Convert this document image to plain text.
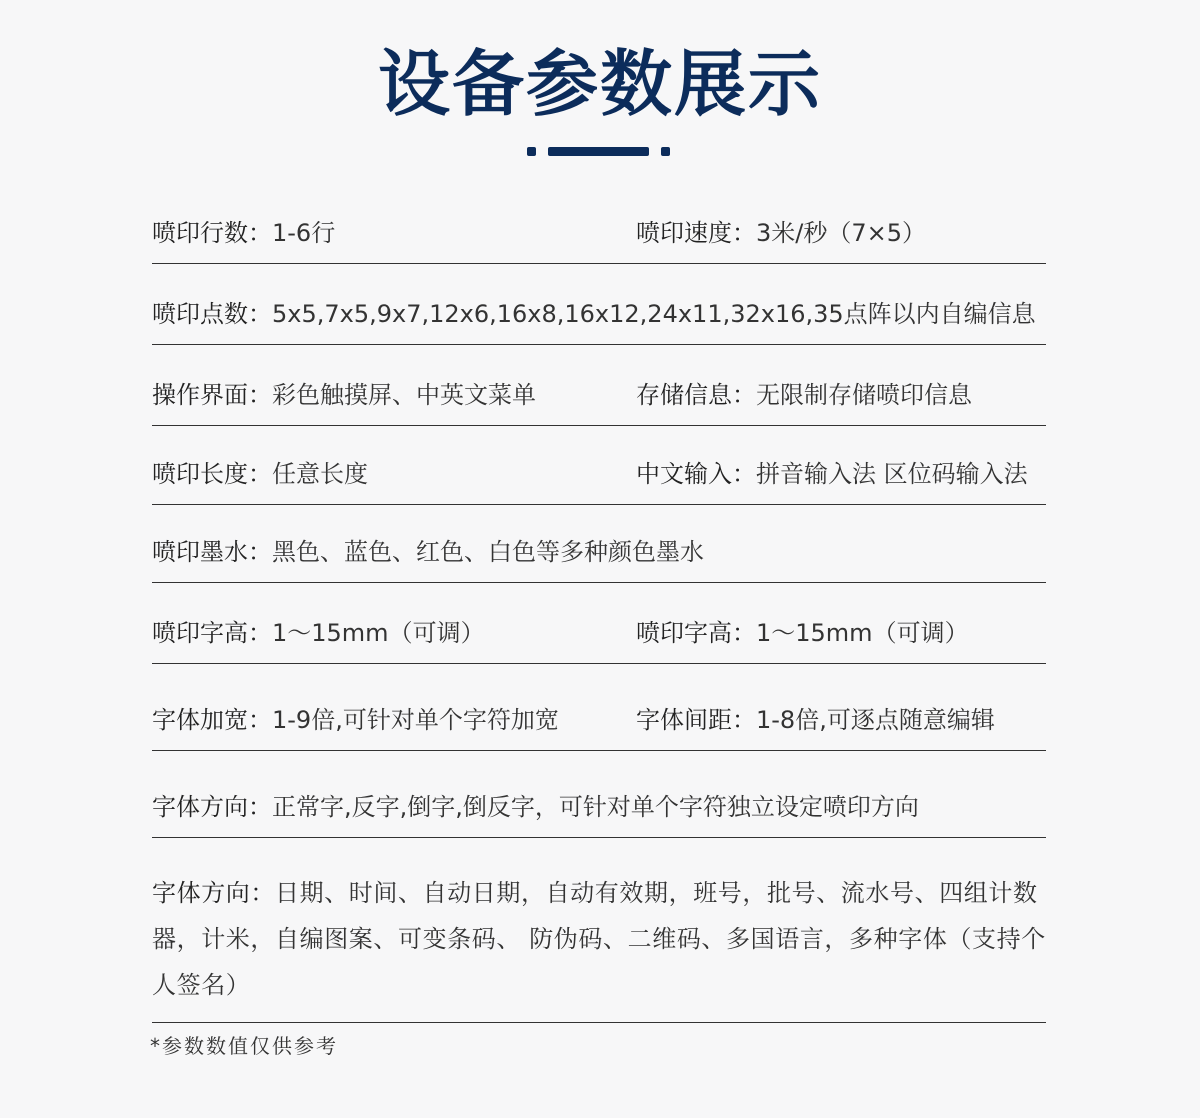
设备参数展示
喷印行数：1-6行	喷印速度：3米/秒（7×5）
喷印点数：5x5,7x5,9x7,12x6,16x8,16x12,24x11,32x16,35点阵以内自编信息
操作界面：彩色触摸屏、中英文菜单	存储信息：无限制存储喷印信息
喷印长度：任意长度	中文输入：拼音输入法 区位码输入法
喷印墨水：黑色、蓝色、红色、白色等多种颜色墨水
喷印字高：1～15mm（可调）	喷印字高：1～15mm（可调）
字体加宽：1-9倍,可针对单个字符加宽	字体间距：1-8倍,可逐点随意编辑
字体方向：正常字,反字,倒字,倒反字，可针对单个字符独立设定喷印方向
字体方向：日期、时间、自动日期，自动有效期，班号，批号、流水号、四组计数器，计米，自编图案、可变条码、 防伪码、二维码、多国语言，多种字体（支持个人签名）
*参数数值仅供参考
